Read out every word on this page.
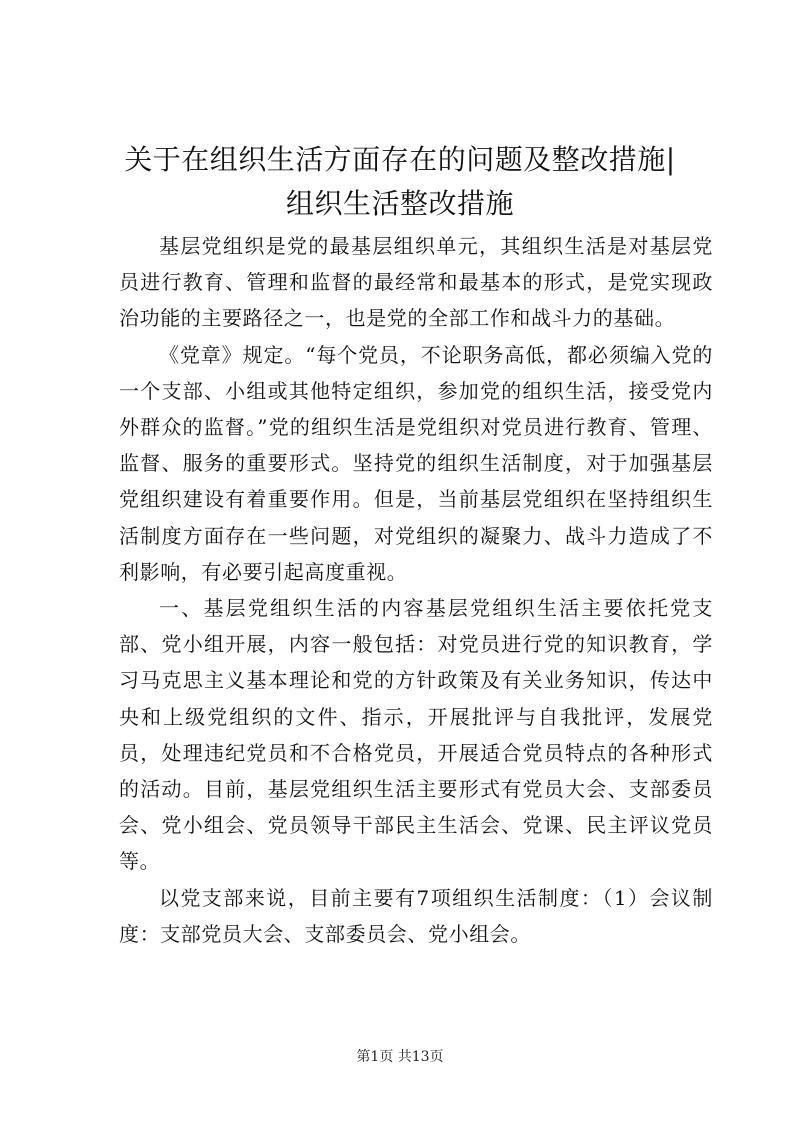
关于在组织生活方面存在的问题及整改措施|
组织生活整改措施

基层党组织是党的最基层组织单元，其组织生活是对基层党员进行教育、管理和监督的最经常和最基本的形式，是党实现政治功能的主要路径之一，也是党的全部工作和战斗力的基础。

《党章》规定。“每个党员，不论职务高低，都必须编入党的一个支部、小组或其他特定组织，参加党的组织生活，接受党内外群众的监督。”党的组织生活是党组织对党员进行教育、管理、监督、服务的重要形式。坚持党的组织生活制度，对于加强基层党组织建设有着重要作用。但是，当前基层党组织在坚持组织生活制度方面存在一些问题，对党组织的凝聚力、战斗力造成了不利影响，有必要引起高度重视。

一、基层党组织生活的内容基层党组织生活主要依托党支部、党小组开展，内容一般包括：对党员进行党的知识教育，学习马克思主义基本理论和党的方针政策及有关业务知识，传达中央和上级党组织的文件、指示，开展批评与自我批评，发展党员，处理违纪党员和不合格党员，开展适合党员特点的各种形式的活动。目前，基层党组织生活主要形式有党员大会、支部委员会、党小组会、党员领导干部民主生活会、党课、民主评议党员等。

以党支部来说，目前主要有7项组织生活制度：（1）会议制度：支部党员大会、支部委员会、党小组会。

第1页 共13页
